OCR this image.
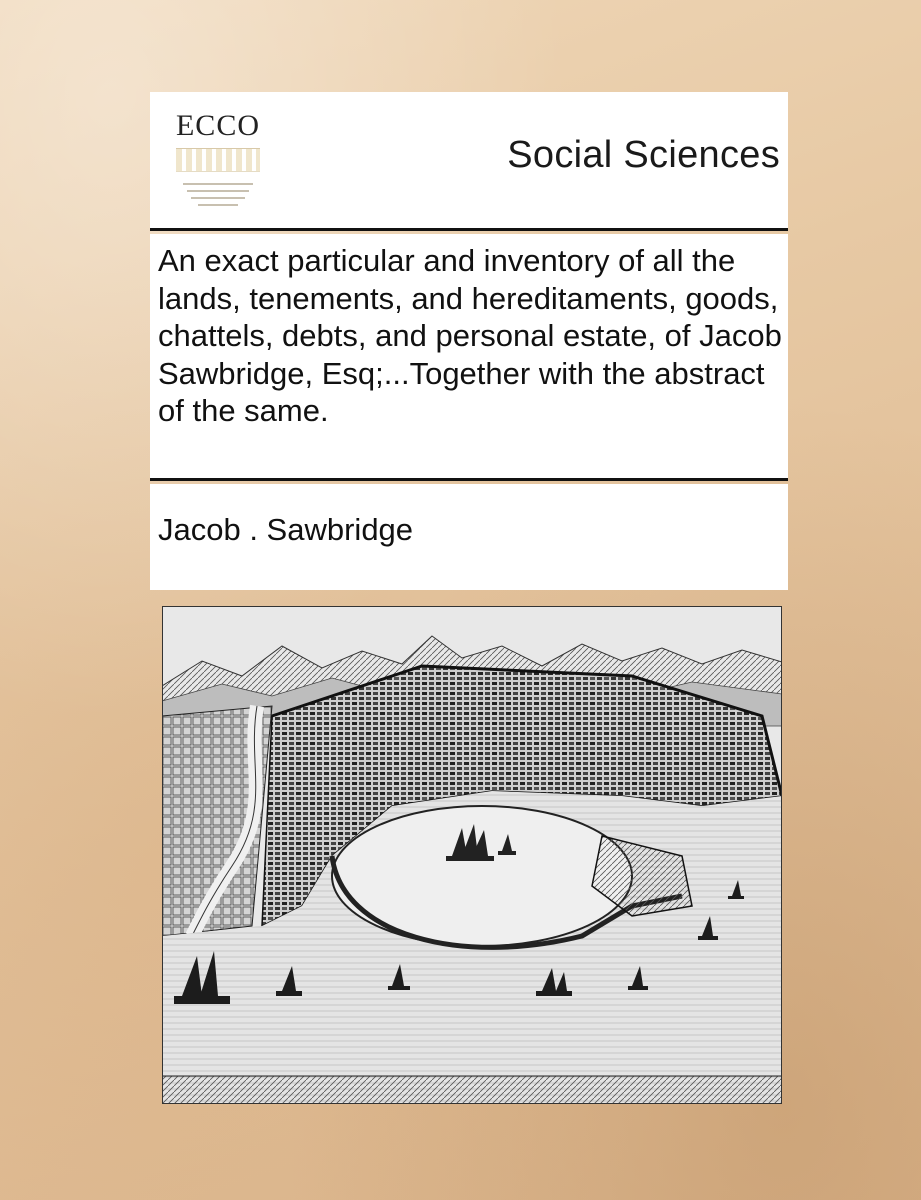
ECCO
Social Sciences
An exact particular and inventory of all the lands, tenements, and hereditaments, goods, chattels, debts, and personal estate, of Jacob Sawbridge, Esq;...Together with the abstract of the same.
Jacob . Sawbridge
